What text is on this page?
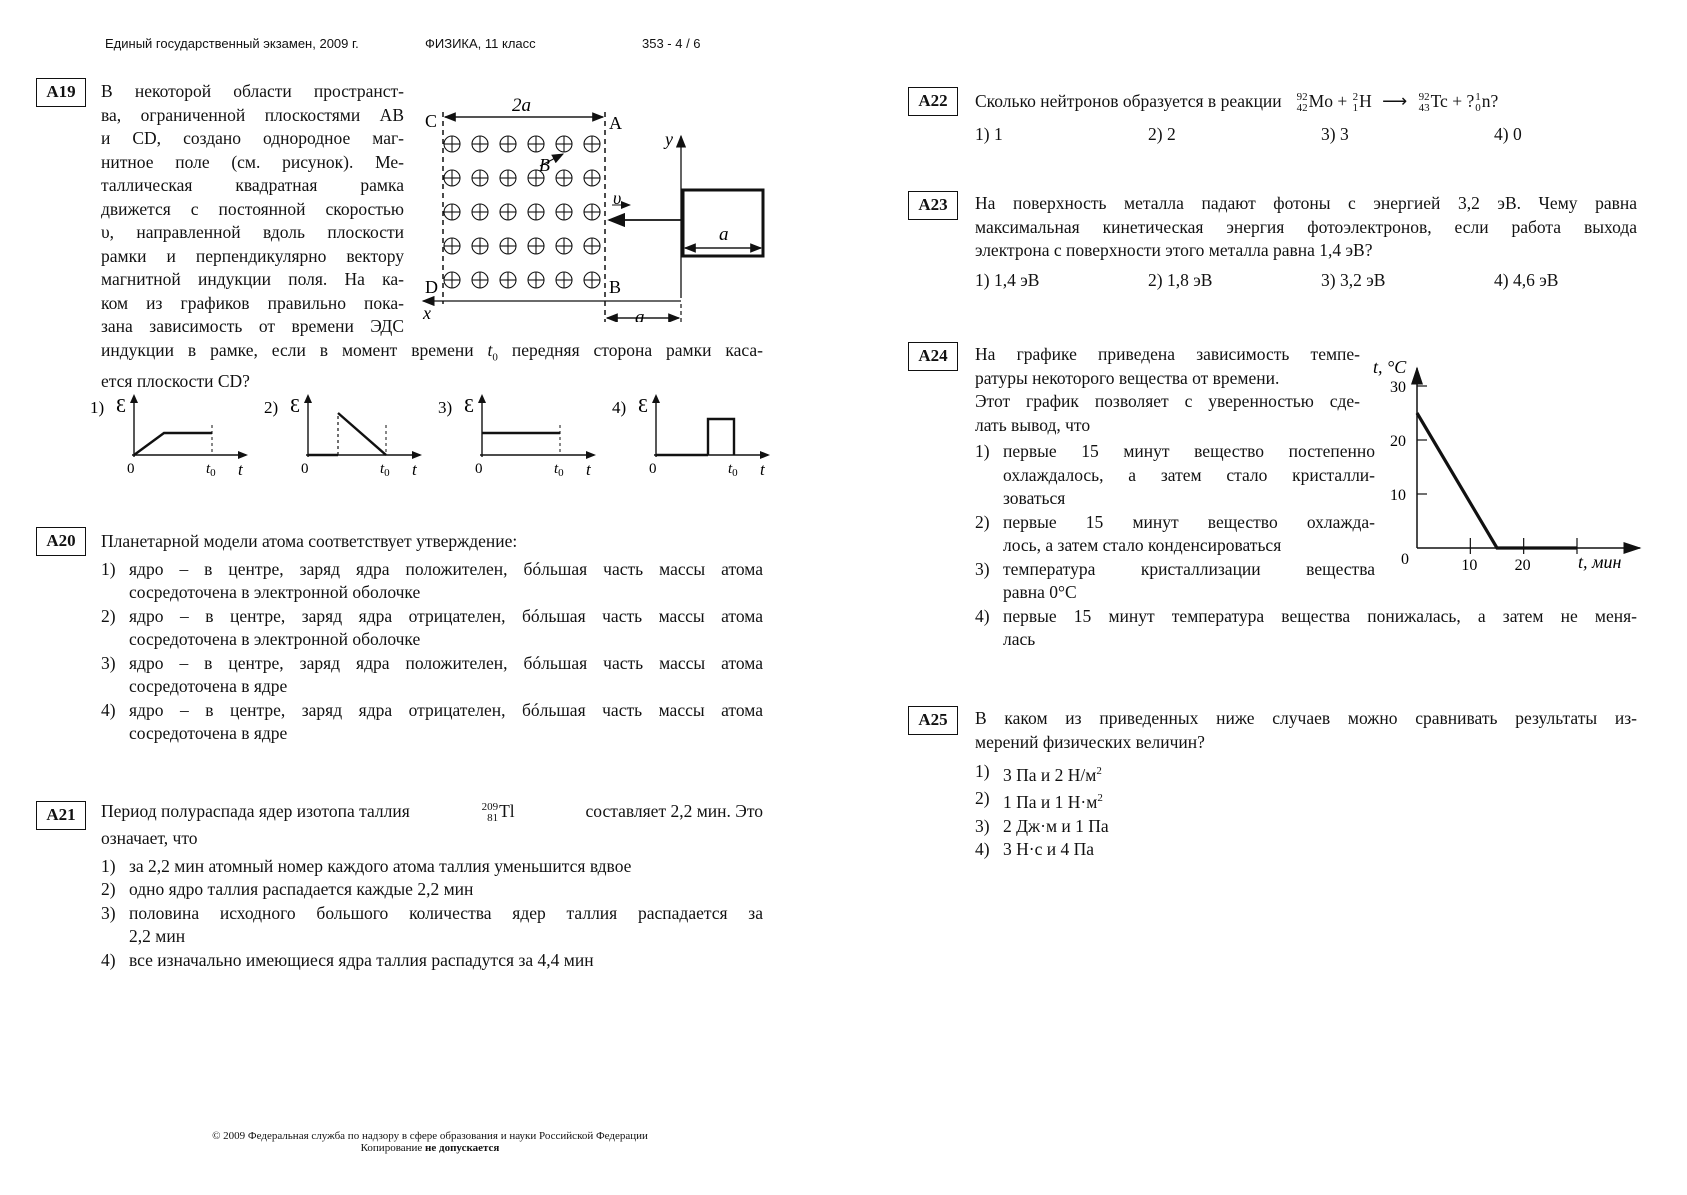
Единый государственный экзамен, 2009 г.	ФИЗИКА, 11 класс	353 - 4 / 6
A19	В некоторой области пространст-
ва, ограниченной плоскостями AB
и CD, создано однородное маг-
нитное поле (см. рисунок). Ме-
таллическая квадратная рамка
движется с постоянной скоростью
υ, направленной вдоль плоскости
рамки и перпендикулярно вектору
магнитной индукции поля. На ка-
ком из графиков правильно пока-
зана зависимость от времени ЭДС
индукции в рамке, если в момент времени $t_0$ передняя сторона рамки каса-
ется плоскости CD?
2a
C	A
D	B
B
y
x
a
υ
a
1) Ɛ
0	$t_0$ t
2) Ɛ
0	$t_0$ t
3) Ɛ
0	$t_0$ t
4) Ɛ
0	$t_0$ t
A20	Планетарной модели атома соответствует утверждение:
1) ядро – в центре, заряд ядра положителен, бóльшая часть массы атома
сосредоточена в электронной оболочке
2) ядро – в центре, заряд ядра отрицателен, бóльшая часть массы атома
сосредоточена в электронной оболочке
3) ядро – в центре, заряд ядра положителен, бóльшая часть массы атома
сосредоточена в ядре
4) ядро – в центре, заряд ядра отрицателен, бóльшая часть массы атома
сосредоточена в ядре
A21	Период полураспада ядер изотопа таллия	209
81 Tl	составляет 2,2 мин. Это
означает, что
1) за 2,2 мин атомный номер каждого атома таллия уменьшится вдвое
2) одно ядро таллия распадается каждые 2,2 мин
3) половина исходного большого количества ядер таллия распадается за
2,2 мин
4) все изначально имеющиеся ядра таллия распадутся за 4,4 мин
A22	Сколько нейтронов образуется в реакции 92
42 Mo + 2
1 H ⟶ 92
43 Tc + ? 1
0 n?
1) 1	2) 2	3) 3	4) 0
A23	На поверхность металла падают фотоны с энергией 3,2 эВ. Чему равна
максимальная кинетическая энергия фотоэлектронов, если работа выхода
электрона с поверхности этого металла равна 1,4 эВ?
1) 1,4 эВ	2) 1,8 эВ	3) 3,2 эВ	4) 4,6 эВ
A24	На графике приведена зависимость темпе-
ратуры некоторого вещества от времени.
Этот график позволяет с уверенностью сде-
лать вывод, что
1) первые 15 минут вещество постепенно
охлаждалось, а затем стало кристалли-
зоваться
2) первые 15 минут вещество охлажда-
лось, а затем стало конденсироваться
3) температура кристаллизации вещества
равна 0°С
4) первые 15 минут температура вещества понижалась, а затем не меня-
лась
t, °C
t, мин
0
10
20
30
10 20
A25	В каком из приведенных ниже случаев можно сравнивать результаты из-
мерений физических величин?
1) 3 Па и 2 $Н/м^2$
2) 1 Па и 1 $Н\cdot м^2$
3) 2 Дж·м и 1 Па
4) 3 Н·с и 4 Па
© 2009 Федеральная служба по надзору в сфере образования и науки Российской Федерации
Копирование не допускается
